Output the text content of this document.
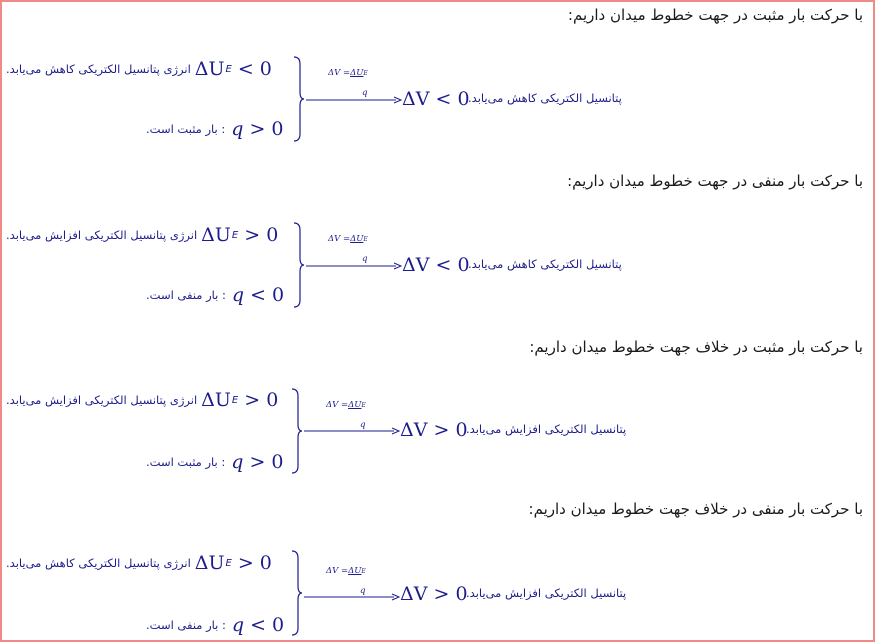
با حرکت بار مثبت در جهت خطوط میدان داریم:
انرژی پتانسیل الکتریکی کاهش می‌یابد. ΔU E < 0
: بار مثبت است. q > 0
ΔV =ΔUE
q ΔV < 0
پتانسیل الکتریکی کاهش می‌یابد.
با حرکت بار منفی در جهت خطوط میدان داریم:
انرژی پتانسیل الکتریکی افزایش می‌یابد. ΔU E > 0
: بار منفی است. q < 0
ΔV =ΔUE
q ΔV < 0
پتانسیل الکتریکی کاهش می‌یابد.
با حرکت بار مثبت در خلاف جهت خطوط میدان داریم:
انرژی پتانسیل الکتریکی افزایش می‌یابد. ΔU E > 0
: بار مثبت است. q > 0
ΔV =ΔUE
q ΔV > 0
پتانسیل الکتریکی افزایش می‌یابد.
با حرکت بار منفی در خلاف جهت خطوط میدان داریم:
انرژی پتانسیل الکتریکی کاهش می‌یابد. ΔU E > 0
: بار منفی است. q < 0
ΔV =ΔUE
q ΔV > 0
پتانسیل الکتریکی افزایش می‌یابد.
